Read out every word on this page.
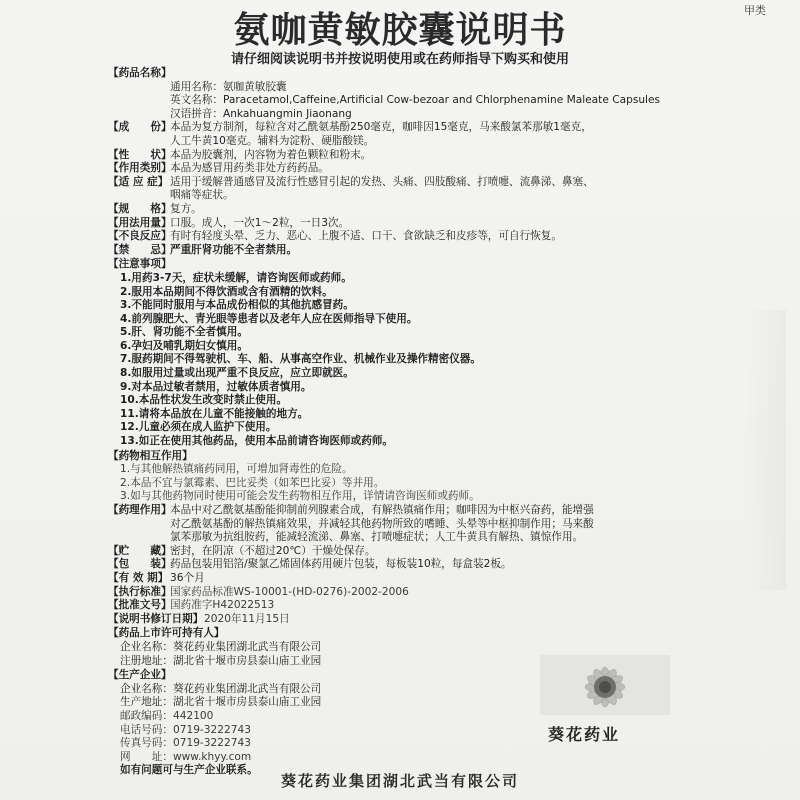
氨咖黄敏胶囊说明书	甲类
请仔细阅读说明书并按说明使用或在药师指导下购买和使用
【药品名称】
通用名称：氨咖黄敏胶囊
英文名称：Paracetamol,Caffeine,Artificial Cow-bezoar and Chlorphenamine Maleate Capsules
汉语拼音：Ankahuangmin Jiaonang
【成　　份】
本品为复方制剂，每粒含对乙酰氨基酚250毫克，咖啡因15毫克，马来酸氯苯那敏1毫克，
人工牛黄10毫克。辅料为淀粉、硬脂酸镁。
【性　　状】
本品为胶囊剂，内容物为着色颗粒和粉末。
【作用类别】
本品为感冒用药类非处方药药品。
【适 应 症】 适用于缓解普通感冒及流行性感冒引起的发热、头痛、四肢酸痛、打喷嚏、流鼻涕、鼻塞、
咽痛等症状。
【规　　格】
复方。
【用法用量】
口服。成人，一次1～2粒，一日3次。
【不良反应】
有时有轻度头晕、乏力、恶心、上腹不适、口干、食欲缺乏和皮疹等，可自行恢复。
【禁　　忌】
严重肝肾功能不全者禁用。
【注意事项】
1.用药3-7天，症状未缓解，请咨询医师或药师。
2.服用本品期间不得饮酒或含有酒精的饮料。
3.不能同时服用与本品成份相似的其他抗感冒药。
4.前列腺肥大、青光眼等患者以及老年人应在医师指导下使用。
5.肝、肾功能不全者慎用。
6.孕妇及哺乳期妇女慎用。
7.服药期间不得驾驶机、车、船、从事高空作业、机械作业及操作精密仪器。
8.如服用过量或出现严重不良反应，应立即就医。
9.对本品过敏者禁用，过敏体质者慎用。
10.本品性状发生改变时禁止使用。
11.请将本品放在儿童不能接触的地方。
12.儿童必须在成人监护下使用。
13.如正在使用其他药品，使用本品前请咨询医师或药师。
【药物相互作用】
1.与其他解热镇痛药同用，可增加肾毒性的危险。
2.本品不宜与氯霉素、巴比妥类（如苯巴比妥）等并用。
3.如与其他药物同时使用可能会发生药物相互作用，详情请咨询医师或药师。
【药理作用】
本品中对乙酰氨基酚能抑制前列腺素合成，有解热镇痛作用；咖啡因为中枢兴奋药，能增强
对乙酰氨基酚的解热镇痛效果，并减轻其他药物所致的嗜睡、头晕等中枢抑制作用；马来酸
氯苯那敏为抗组胺药，能减轻流涕、鼻塞、打喷嚏症状；人工牛黄具有解热、镇惊作用。
【贮　　藏】
密封，在阴凉（不超过20℃）干燥处保存。
【包　　装】
药品包装用铝箔/聚氯乙烯固体药用硬片包装，每板装10粒，每盒装2板。
【有 效 期】 36个月
【执行标准】
国家药品标准WS-10001-(HD-0276)-2002-2006
【批准文号】
国药准字H42022513
【说明书修订日期】 2020年11月15日
【药品上市许可持有人】
企业名称：葵花药业集团湖北武当有限公司
注册地址：湖北省十堰市房县泰山庙工业园
【生产企业】
企业名称：葵花药业集团湖北武当有限公司
生产地址：湖北省十堰市房县泰山庙工业园
邮政编码：442100
电话号码：0719-3222743
传真号码：0719-3222743
网　　址：www.khyy.com
如有问题可与生产企业联系。
葵花药业
葵花药业集团湖北武当有限公司
